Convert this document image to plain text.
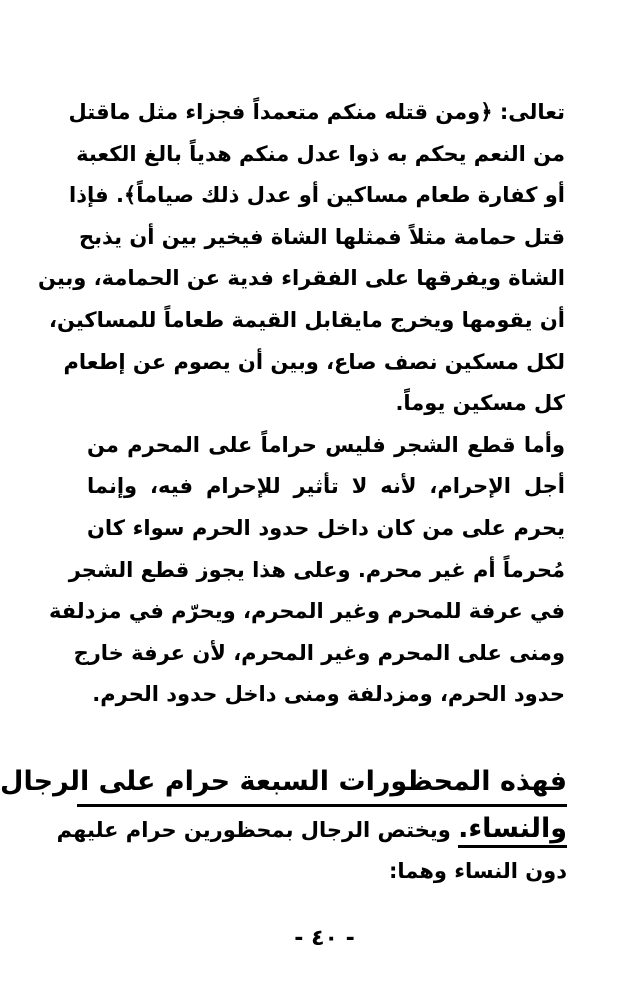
تعالى: ﴿ومن قتله منكم متعمداً فجزاء مثل ماقتل
من النعم يحكم به ذوا عدل منكم هدياً بالغ الكعبة
أو كفارة طعام مساكين أو عدل ذلك صياماً﴾. فإذا
قتل حمامة مثلاً فمثلها الشاة فيخير بين أن يذبح
الشاة ويفرقها على الفقراء فدية عن الحمامة، وبين
أن يقومها ويخرج مايقابل القيمة طعاماً للمساكين،
لكل مسكين نصف صاع، وبين أن يصوم عن إطعام
كل مسكين يوماً.
وأما قطع الشجر فليس حراماً على المحرم من
أجل الإحرام، لأنه لا تأثير للإحرام فيه، وإنما
يحرم على من كان داخل حدود الحرم سواء كان
مُحرماً أم غير محرم. وعلى هذا يجوز قطع الشجر
في عرفة للمحرم وغير المحرم، ويحرّم في مزدلفة
ومنى على المحرم وغير المحرم، لأن عرفة خارج
حدود الحرم، ومزدلفة ومنى داخل حدود الحرم.
فهذه المحظورات السبعة حرام على الرجال
والنساء. ويختص الرجال بمحظورين حرام عليهم
دون النساء وهما:
- ٤٠ -
